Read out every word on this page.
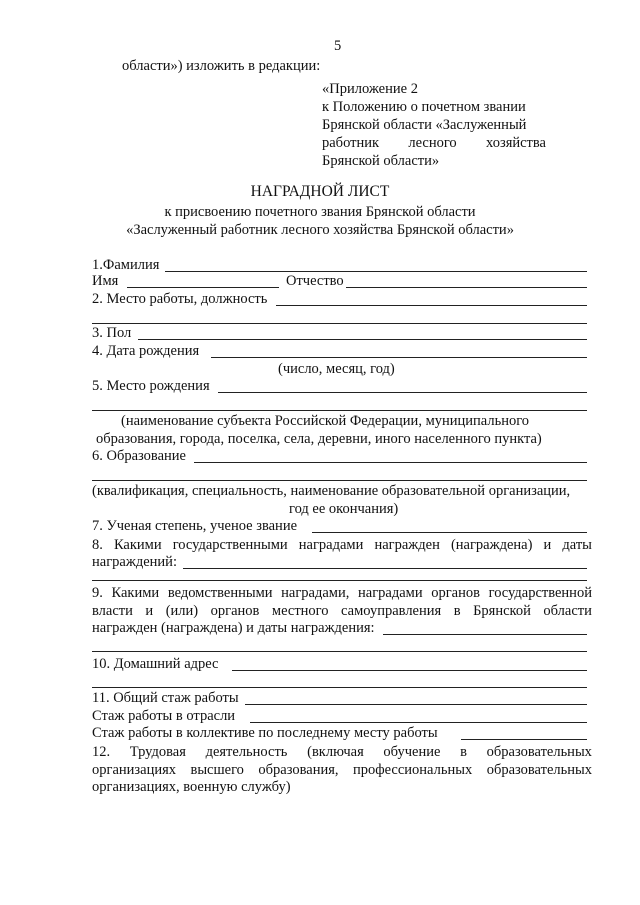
5
области») изложить в редакции:
«Приложение 2
к Положению о почетном звании
Брянской области «Заслуженный
работник лесного хозяйства
Брянской области»
НАГРАДНОЙ ЛИСТ
к присвоению почетного звания Брянской области
«Заслуженный работник лесного хозяйства Брянской области»
1.Фамилия
Имя	Отчество
2. Место работы, должность
3. Пол
4. Дата рождения
(число, месяц, год)
5. Место рождения
(наименование субъекта Российской Федерации, муниципального
образования, города, поселка, села, деревни, иного населенного пункта)
6. Образование
(квалификация, специальность, наименование образовательной организации,
год ее окончания)
7. Ученая степень, ученое звание
8. Какими государственными наградами награжден (награждена) и даты
награждений:
9. Какими ведомственными наградами, наградами органов государственной
власти и (или) органов местного самоуправления в Брянской области
награжден (награждена) и даты награждения:
10. Домашний адрес
11. Общий стаж работы
Стаж работы в отрасли
Стаж работы в коллективе по последнему месту работы
12. Трудовая деятельность (включая обучение в образовательных
организациях высшего образования, профессиональных образовательных
организациях, военную службу)
